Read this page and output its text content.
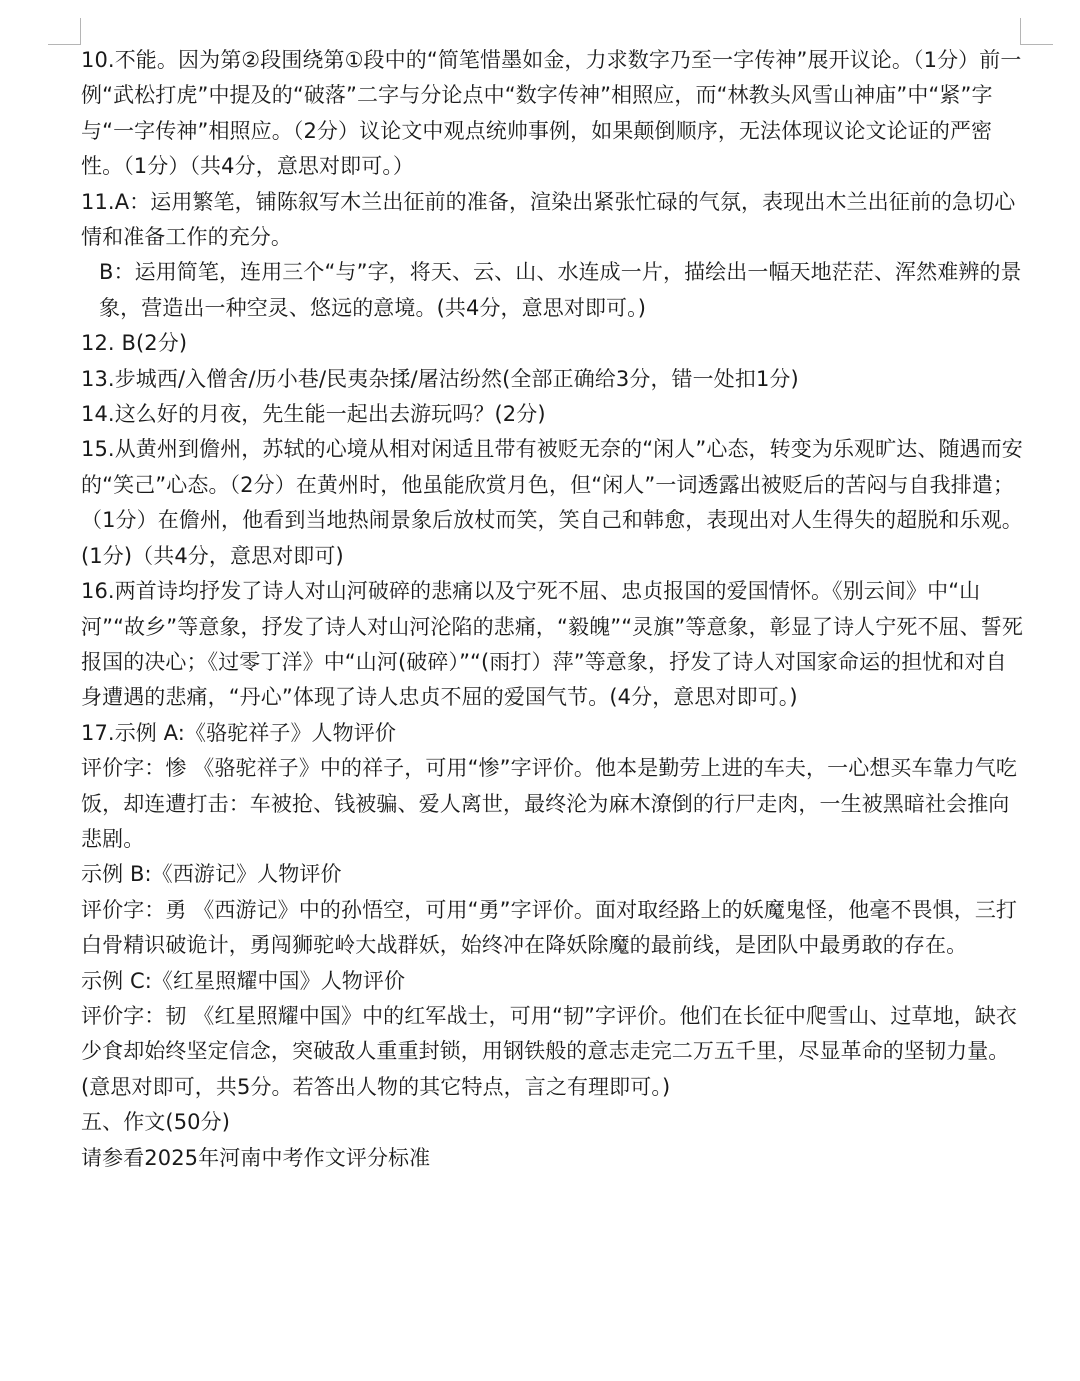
10.不能。因为第②段围绕第①段中的“简笔惜墨如金，力求数字乃至一字传神”展开议论。（1分）前一例“武松打虎”中提及的“破落”二字与分论点中“数字传神”相照应，而“林教头风雪山神庙”中“紧”字与“一字传神”相照应。（2分）议论文中观点统帅事例，如果颠倒顺序，无法体现议论文论证的严密性。（1分）（共4分，意思对即可。）

11.A：运用繁笔，铺陈叙写木兰出征前的准备，渲染出紧张忙碌的气氛，表现出木兰出征前的急切心情和准备工作的充分。

B：运用简笔，连用三个“与”字，将天、云、山、水连成一片，描绘出一幅天地茫茫、浑然难辨的景象，营造出一种空灵、悠远的意境。(共4分，意思对即可。)

12. B(2分)

13.步城西/入僧舍/历小巷/民夷杂揉/屠沽纷然(全部正确给3分，错一处扣1分)

14.这么好的月夜，先生能一起出去游玩吗？(2分)

15.从黄州到儋州，苏轼的心境从相对闲适且带有被贬无奈的“闲人”心态，转变为乐观旷达、随遇而安的“笑己”心态。（2分）在黄州时，他虽能欣赏月色，但“闲人”一词透露出被贬后的苦闷与自我排遣；（1分）在儋州，他看到当地热闹景象后放杖而笑，笑自己和韩愈，表现出对人生得失的超脱和乐观。(1分)（共4分，意思对即可)

16.两首诗均抒发了诗人对山河破碎的悲痛以及宁死不屈、忠贞报国的爱国情怀。《别云间》中“山河”“故乡”等意象，抒发了诗人对山河沦陷的悲痛，“毅魄”“灵旗”等意象，彰显了诗人宁死不屈、誓死报国的决心；《过零丁洋》中“山河(破碎）”“(雨打）萍”等意象，抒发了诗人对国家命运的担忧和对自身遭遇的悲痛，“丹心”体现了诗人忠贞不屈的爱国气节。(4分，意思对即可。)

17.示例 A:《骆驼祥子》人物评价

评价字：惨 《骆驼祥子》中的祥子，可用“惨”字评价。他本是勤劳上进的车夫，一心想买车靠力气吃饭，却连遭打击：车被抢、钱被骗、爱人离世，最终沦为麻木潦倒的行尸走肉，一生被黑暗社会推向悲剧。

示例 B:《西游记》人物评价

评价字：勇 《西游记》中的孙悟空，可用“勇”字评价。面对取经路上的妖魔鬼怪，他毫不畏惧，三打白骨精识破诡计，勇闯狮驼岭大战群妖，始终冲在降妖除魔的最前线，是团队中最勇敢的存在。

示例 C:《红星照耀中国》人物评价

评价字：韧 《红星照耀中国》中的红军战士，可用“韧”字评价。他们在长征中爬雪山、过草地，缺衣少食却始终坚定信念，突破敌人重重封锁，用钢铁般的意志走完二万五千里，尽显革命的坚韧力量。(意思对即可，共5分。若答出人物的其它特点，言之有理即可。)

五、作文(50分)

请参看2025年河南中考作文评分标准
